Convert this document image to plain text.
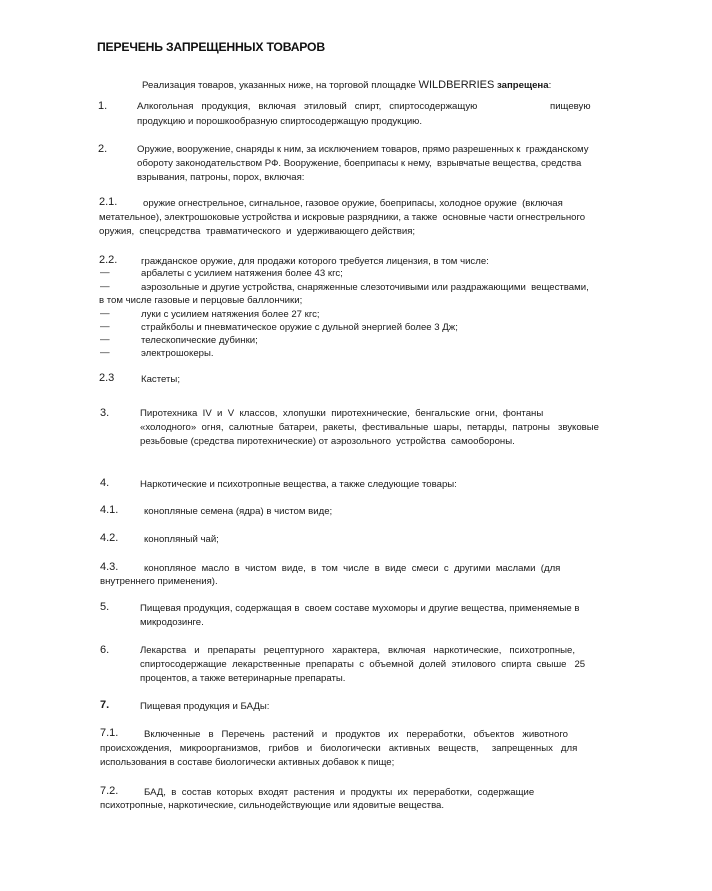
ПЕРЕЧЕНЬ ЗАПРЕЩЕННЫХ ТОВАРОВ
Реализация товаров, указанных ниже, на торговой площадке WILDBERRIES запрещена:
1.	Алкогольная   продукция,   включая   этиловый   спирт,   спиртосодержащую	пищевую
продукцию и порошкообразную спиртосодержащую продукцию.
2.	Оружие, вооружение, снаряды к ним, за исключением товаров, прямо разрешенных к  гражданскому
обороту законодательством РФ. Вооружение, боеприпасы к нему,  взрывчатые вещества, средства
взрывания, патроны, порох, включая:
2.1.	оружие огнестрельное, сигнальное, газовое оружие, боеприпасы, холодное оружие  (включая
метательное), электрошоковые устройства и искровые разрядники, а также  основные части огнестрельного
оружия,  спецсредства  травматического  и  удерживающего действия;
2.2. гражданское оружие, для продажи которого требуется лицензия, в том числе:
—	арбалеты с усилием натяжения более 43 кгс;
—	аэрозольные и другие устройства, снаряженные слезоточивыми или раздражающими  веществами,
в том числе газовые и перцовые баллончики;
—	луки с усилием натяжения более 27 кгс;
—	страйкболы и пневматическое оружие с дульной энергией более 3 Дж;
—	телескопические дубинки;
—	электрошокеры.
2.3	Кастеты;
3.	Пиротехника  IV  и  V  классов,  хлопушки  пиротехнические,  бенгальские  огни,  фонтаны
«холодного»  огня,  салютные  батареи,  ракеты,  фестивальные  шары,  петарды,  патроны   звуковые
резьбовые (средства пиротехнические) от аэрозольного  устройства  самообороны.
4.	Наркотические и психотропные вещества, а также следующие товары:
4.1.	конопляные семена (ядра) в чистом виде;
4.2.	конопляный чай;
4.3.	конопляное  масло  в  чистом  виде,  в  том  числе  в  виде  смеси  с  другими  маслами  (для
внутреннего применения).
5.	Пищевая продукция, содержащая в  своем составе мухоморы и другие вещества, применяемые в
микродозинге.
6.	Лекарства   и   препараты   рецептурного   характера,   включая   наркотические,   психотропные,
спиртосодержащие  лекарственные  препараты  с  объемной  долей  этилового  спирта  свыше   25
процентов, а также ветеринарные препараты.
7.	Пищевая продукция и БАДы:
7.1.	Включенные   в   Перечень   растений   и   продуктов   их   переработки,   объектов   животного
происхождения,   микроорганизмов,   грибов   и   биологически   активных   веществ,     запрещенных   для
использования в составе биологически активных добавок к пище;
7.2.	БАД,  в  состав  которых  входят  растения  и  продукты  их  переработки,  содержащие
психотропные, наркотические, сильнодействующие или ядовитые вещества.
